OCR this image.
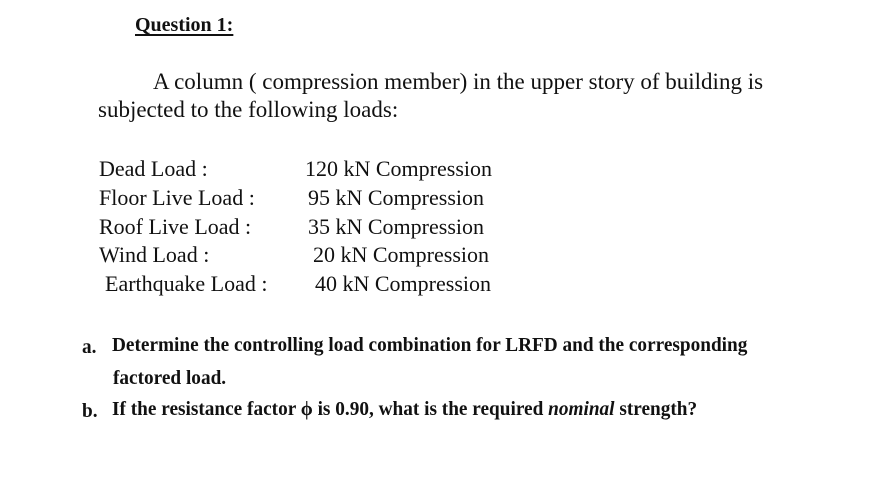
Question 1:
A column ( compression member) in the upper story of building is
subjected to the following loads:
Dead Load :	120 kN Compression
Floor Live Load : 95 kN Compression
Roof Live Load :	35 kN Compression
Wind Load :	20 kN Compression
Earthquake Load : 40 kN Compression
a. Determine the controlling load combination for LRFD and the corresponding
factored load.
b. If the resistance factor ϕ is 0.90, what is the required nominal strength?
